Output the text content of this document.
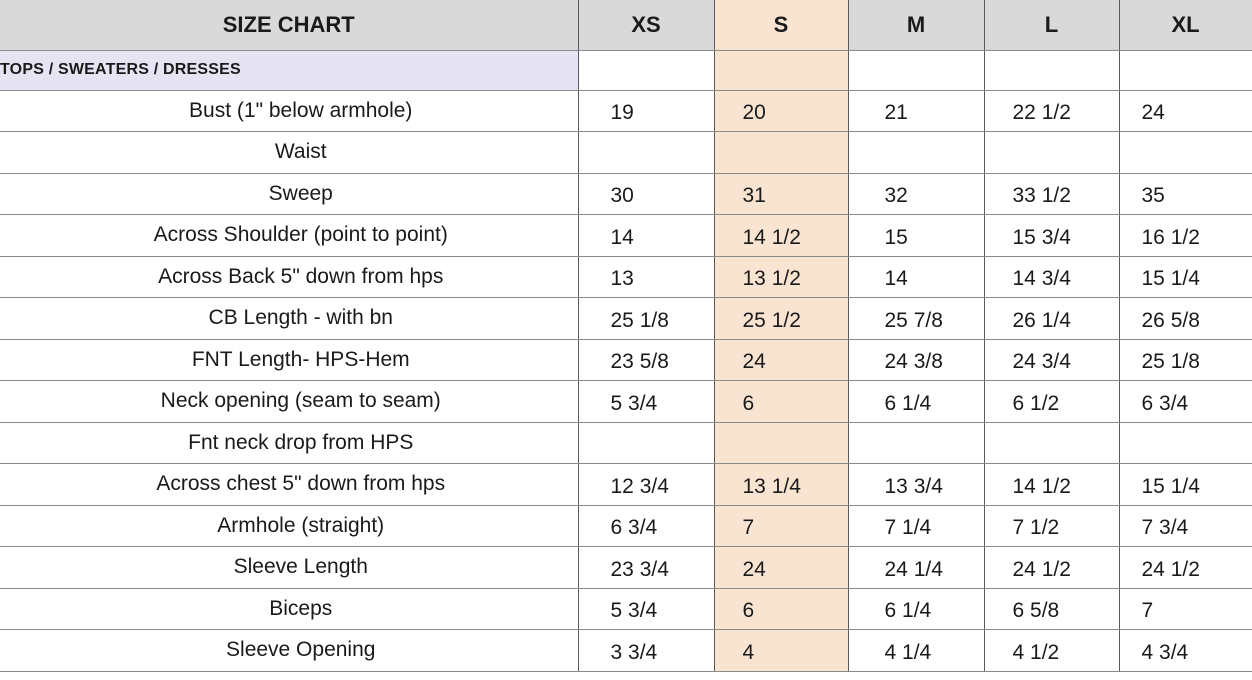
SIZE CHART	XS	S	M	L	XL
TOPS / SWEATERS / DRESSES					
Bust (1" below armhole)	19	20	21	22 1/2	24
Waist					
Sweep	30	31	32	33 1/2	35
Across Shoulder (point to point)	14	14 1/2	15	15 3/4	16 1/2
Across Back 5" down from hps	13	13 1/2	14	14 3/4	15 1/4
CB Length - with bn	25 1/8	25 1/2	25 7/8	26 1/4	26 5/8
FNT Length- HPS-Hem	23 5/8	24	24 3/8	24 3/4	25 1/8
Neck opening (seam to seam)	5 3/4	6	6 1/4	6 1/2	6 3/4
Fnt neck drop from HPS					
Across chest 5" down from hps	12 3/4	13 1/4	13 3/4	14 1/2	15 1/4
Armhole (straight)	6 3/4	7	7 1/4	7 1/2	7 3/4
Sleeve Length	23 3/4	24	24 1/4	24 1/2	24 1/2
Biceps	5 3/4	6	6 1/4	6 5/8	7
Sleeve Opening	3 3/4	4	4 1/4	4 1/2	4 3/4
